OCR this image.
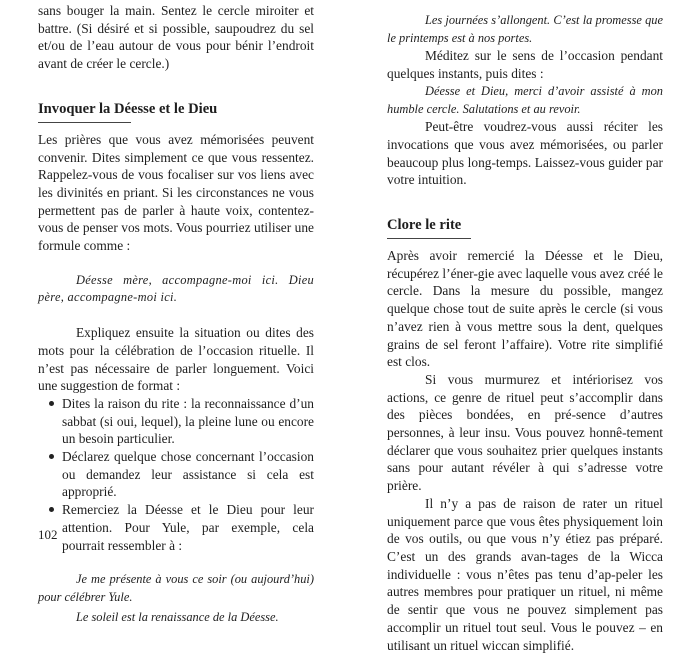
sans bouger la main. Sentez le cercle miroiter et battre. (Si désiré et si possible, saupoudrez du sel et/ou de l’eau autour de vous pour bénir l’endroit avant de créer le cercle.)

Invoquer la Déesse et le Dieu

Les prières que vous avez mémorisées peuvent convenir. Dites simplement ce que vous ressentez. Rappelez-vous de vous focaliser sur vos liens avec les divinités en priant. Si les circonstances ne vous permettent pas de parler à haute voix, contentez-vous de penser vos mots. Vous pourriez utiliser une formule comme :

Déesse mère, accompagne-moi ici. Dieu père, accompagne-moi ici.

Expliquez ensuite la situation ou dites des mots pour la célébration de l’occasion rituelle. Il n’est pas nécessaire de parler longuement. Voici une suggestion de format :

Dites la raison du rite : la reconnaissance d’un sabbat (si oui, lequel), la pleine lune ou encore un besoin particulier.
Déclarez quelque chose concernant l’occasion ou demandez leur assistance si cela est approprié.
Remerciez la Déesse et le Dieu pour leur attention. Pour Yule, par exemple, cela pourrait ressembler à :

Je me présente à vous ce soir (ou aujourd’hui) pour célébrer Yule.

Le soleil est la renaissance de la Déesse.

102

Les journées s’allongent. C’est la promesse que le printemps est à nos portes.

Méditez sur le sens de l’occasion pendant quelques instants, puis dites :

Déesse et Dieu, merci d’avoir assisté à mon humble cercle. Salutations et au revoir.

Peut-être voudrez-vous aussi réciter les invocations que vous avez mémorisées, ou parler beaucoup plus long-temps. Laissez-vous guider par votre intuition.

Clore le rite

Après avoir remercié la Déesse et le Dieu, récupérez l’éner-gie avec laquelle vous avez créé le cercle. Dans la mesure du possible, mangez quelque chose tout de suite après le cercle (si vous n’avez rien à vous mettre sous la dent, quelques grains de sel feront l’affaire). Votre rite simplifié est clos.

Si vous murmurez et intériorisez vos actions, ce genre de rituel peut s’accomplir dans des pièces bondées, en pré-sence d’autres personnes, à leur insu. Vous pouvez honnê-tement déclarer que vous souhaitez prier quelques instants sans pour autant révéler à qui s’adresse votre prière.

Il n’y a pas de raison de rater un rituel uniquement parce que vous êtes physiquement loin de vos outils, ou que vous n’y étiez pas préparé. C’est un des grands avan-tages de la Wicca individuelle : vous n’êtes pas tenu d’ap-peler les autres membres pour pratiquer un rituel, ni même de sentir que vous ne pouvez simplement pas accomplir un rituel tout seul. Vous le pouvez – en utilisant un rituel wiccan simplifié.
